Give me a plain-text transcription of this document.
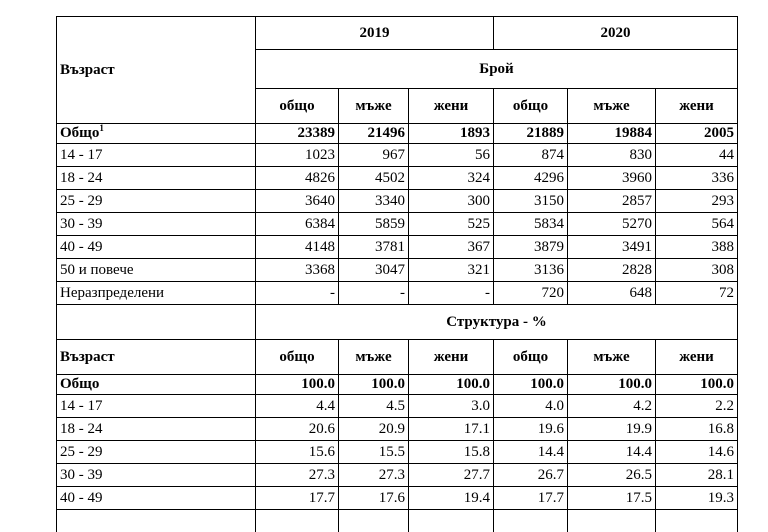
Възраст	2019			2020		
	Брой					
	общо	мъже	жени	общо	мъже	жени
Общо$^1$	23389	21496	1893	21889	19884	2005
14 - 17	1023	967	56	874	830	44
18 - 24	4826	4502	324	4296	3960	336
25 - 29	3640	3340	300	3150	2857	293
30 - 39	6384	5859	525	5834	5270	564
40 - 49	4148	3781	367	3879	3491	388
50 и повече	3368	3047	321	3136	2828	308
Неразпределени	-	-	-	720	648	72
	Структура - %					
Възраст	общо	мъже	жени	общо	мъже	жени
Общо	100.0	100.0	100.0	100.0	100.0	100.0
14 - 17	4.4	4.5	3.0	4.0	4.2	2.2
18 - 24	20.6	20.9	17.1	19.6	19.9	16.8
25 - 29	15.6	15.5	15.8	14.4	14.4	14.6
30 - 39	27.3	27.3	27.7	26.7	26.5	28.1
40 - 49	17.7	17.6	19.4	17.7	17.5	19.3
